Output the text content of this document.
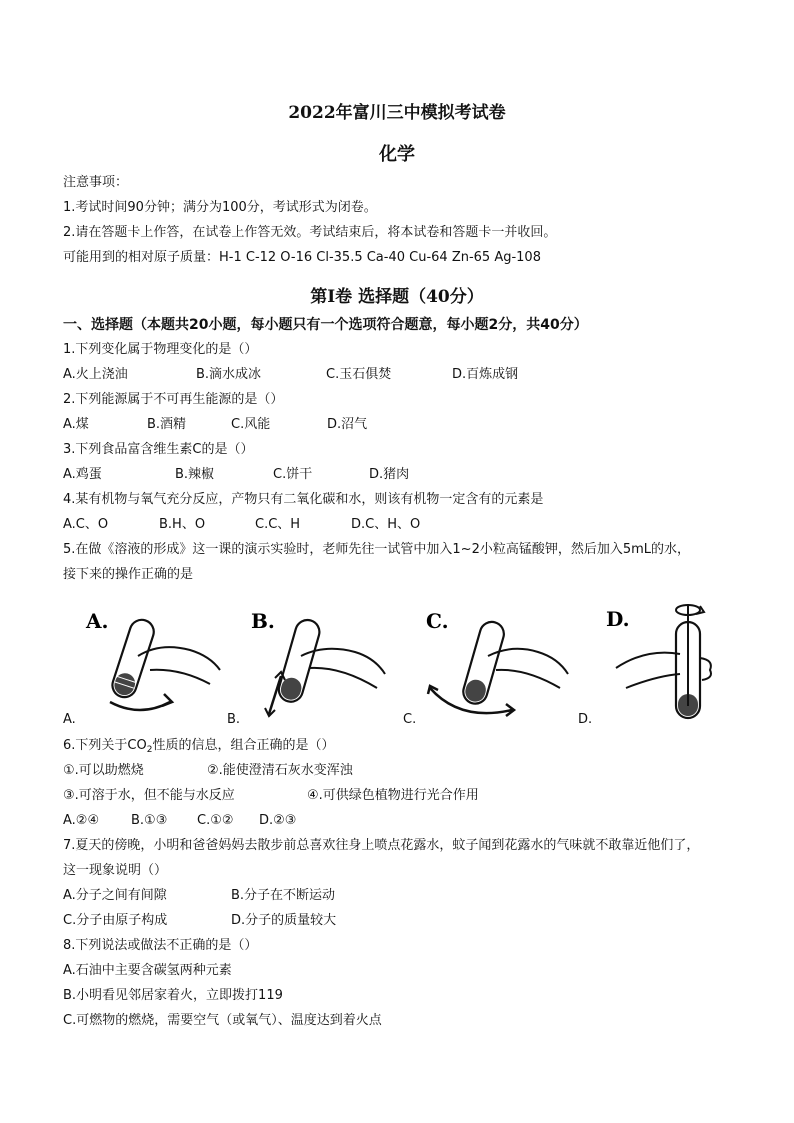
2022年富川三中模拟考试卷
化学
注意事项：
1.考试时间90分钟；满分为100分，考试形式为闭卷。
2.请在答题卡上作答，在试卷上作答无效。考试结束后，将本试卷和答题卡一并收回。
可能用到的相对原子质量：H-1 C-12 O-16 Cl-35.5 Ca-40 Cu-64 Zn-65 Ag-108
第I卷 选择题（40分）
一、选择题（本题共20小题，每小题只有一个选项符合题意，每小题2分，共40分）
1.下列变化属于物理变化的是（）
A.火上浇油	B.滴水成冰	C.玉石俱焚	D.百炼成钢
2.下列能源属于不可再生能源的是（）
A.煤	B.酒精	C.风能	D.沼气
3.下列食品富含维生素C的是（）
A.鸡蛋	B.辣椒	C.饼干	D.猪肉
4.某有机物与氧气充分反应，产物只有二氧化碳和水，则该有机物一定含有的元素是
A.C、O	B.H、O	C.C、H	D.C、H、O
5.在做《溶液的形成》这一课的演示实验时，老师先往一试管中加入1~2小粒高锰酸钾，然后加入5mL的水，
接下来的操作正确的是
A.
A.
B.
B.
C.
C.
D.
D.
6.下列关于$CO_2$性质的信息，组合正确的是（）
①.可以助燃烧	②.能使澄清石灰水变浑浊
③.可溶于水，但不能与水反应	④.可供绿色植物进行光合作用
A.②④ B.①③ C.①② D.②③
7.夏天的傍晚，小明和爸爸妈妈去散步前总喜欢往身上喷点花露水，蚊子闻到花露水的气味就不敢靠近他们了，
这一现象说明（）
A.分子之间有间隙	B.分子在不断运动
C.分子由原子构成	D.分子的质量较大
8.下列说法或做法不正确的是（）
A.石油中主要含碳氢两种元素
B.小明看见邻居家着火，立即拨打119
C.可燃物的燃烧，需要空气（或氧气）、温度达到着火点
